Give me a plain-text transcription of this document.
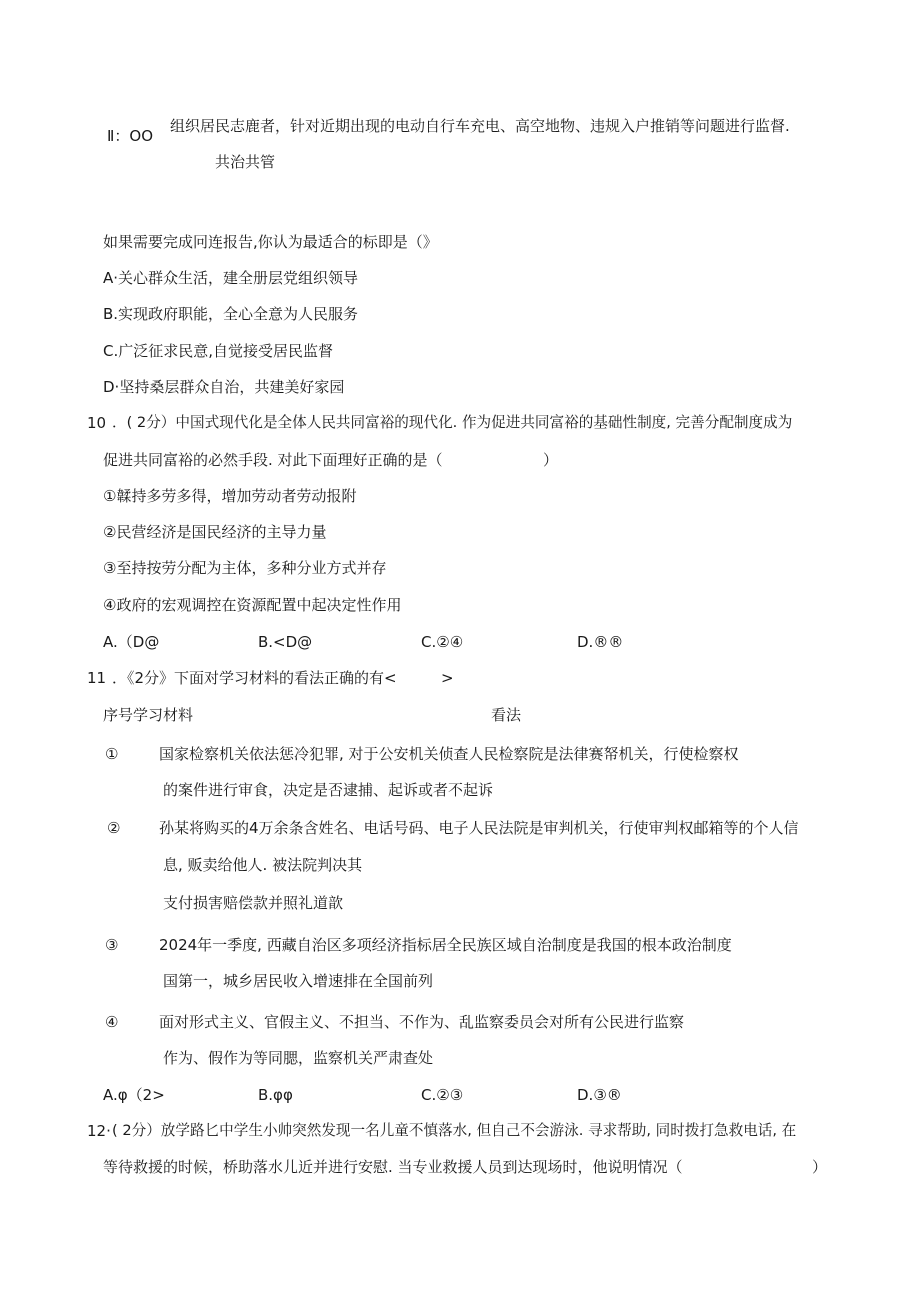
Ⅱ：OO
组织居民志鹿者，针对近期出现的电动自行车充电、高空地物、违规入户推销等问题进行监督.
共治共管
如果需要完成冋连报告,你认为最适合的标即是（》
A·关心群众生活，建全册层党组织领导
B.实现政府职能，全心全意为人民服务
C.广泛征求民意,自觉接受居民监督
D·坚持桑层群众自治，共建美好家园
10 ．( 2分）中国式现代化是全体人民共同富裕的现代化. 作为促进共同富裕的基础性制度, 完善分配制度成为
促进共同富裕的必然手段. 对此下面理好正确的是（	）
①韖持多劳多得，增加劳动者劳动报附
②民营经济是国民经济的主导力量
③至持按劳分配为主体，多种分业方式并存
④政府的宏观调控在资源配置中起决定性作用
A.（D@	B.<D@	C.②④	D.®®
11 ．《2分》下面对学习材料的看法正确的有<	>
序号学习材料	看法
①	国家检察机关依法惩冷犯罪, 对于公安机关侦查人民检察院是法律赛帑机关，行使检察权
的案件进行审食，决定是否逮捕、起诉或者不起诉
②	孙某将购买的4万余条含姓名、电话号码、电子人民法院是审判机关，行使审判权邮箱等的个人信
息, 贩卖给他人. 被法院判决其
支付损害赔偿款并照礼道歆
③	2024年一季度, 西藏自治区多项经济指标居全民族区域自治制度是我国的根本政治制度
国第一，城乡居民收入增速排在全国前列
④	面对形式主义、官假主义、不担当、不作为、乱监察委员会对所有公民进行监察
作为、假作为等同腮，监察机关严肃查处
A.φ（2>	B.φφ	C.②③	D.③®
12· ( 2分）放学路匕中学生小帅突然发现一名儿童不慎落水, 但自己不会游泳. 寻求帮助, 同时拨打急救电话, 在
等待救援的时候，桥助落水儿近并进行安慰. 当专业救援人员到达现场时，他说明情况（	）
